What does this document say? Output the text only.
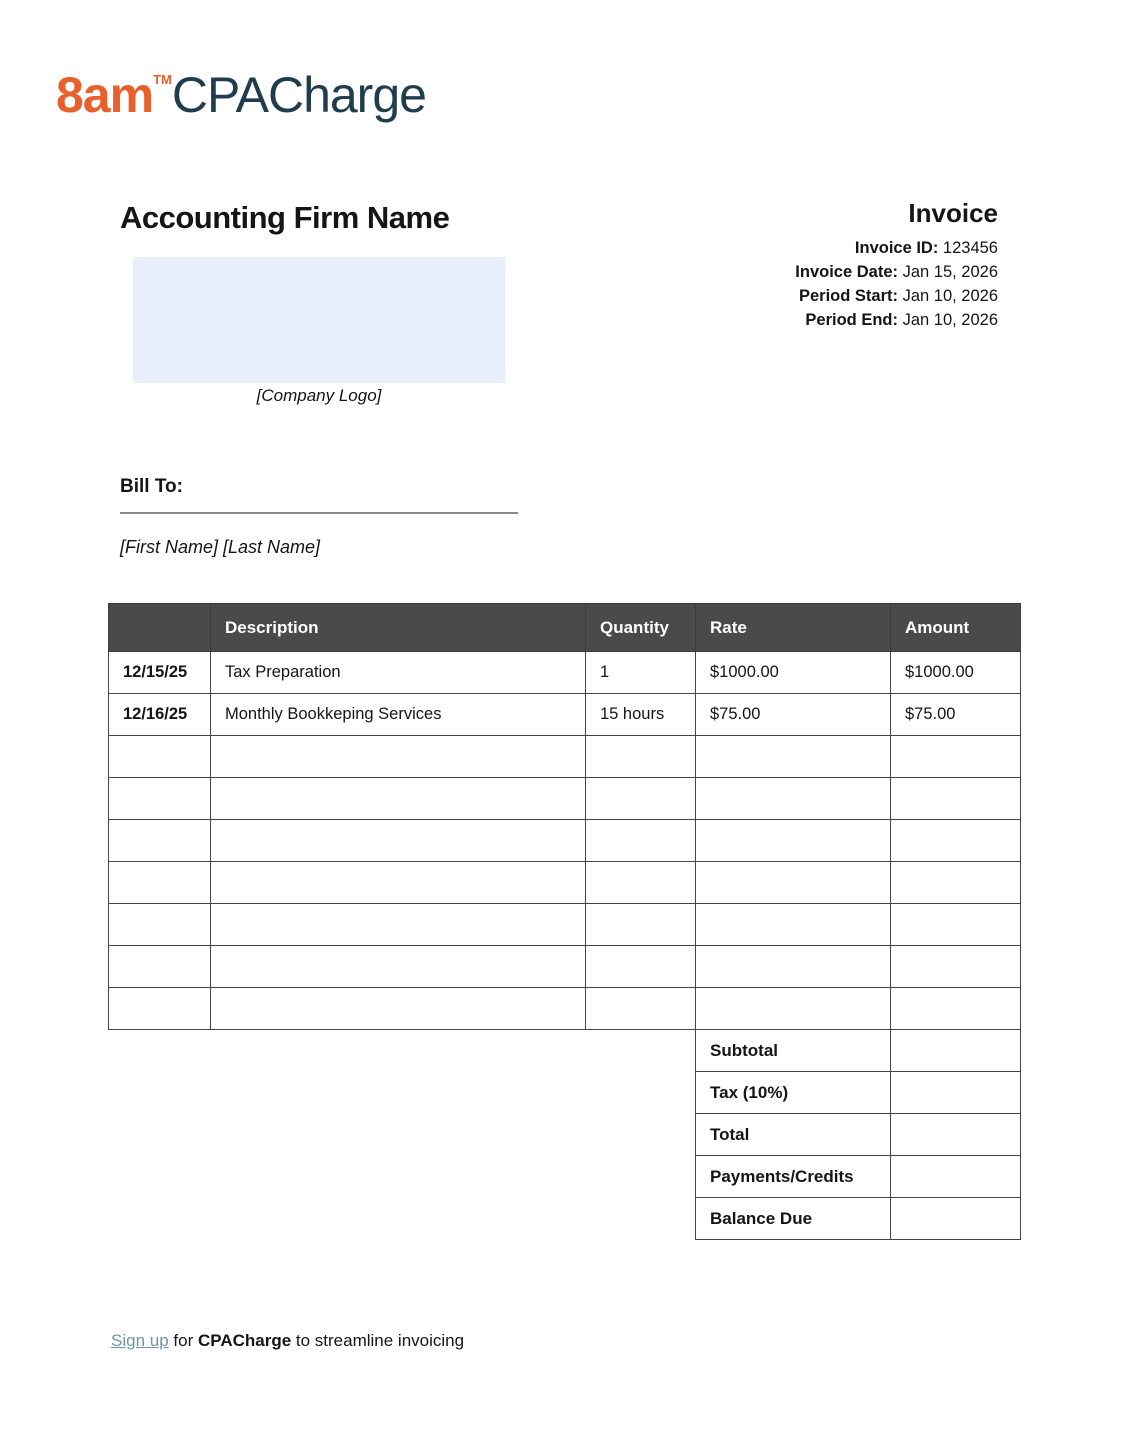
8am™CPACharge
Accounting Firm Name	Invoice
Invoice ID: 123456
Invoice Date: Jan 15, 2026
Period Start: Jan 10, 2026
Period End: Jan 10, 2026
[Company Logo]
Bill To:
[First Name] [Last Name]
	Description	Quantity	Rate	Amount
12/15/25	Tax Preparation	1	$1000.00	$1000.00
12/16/25	Monthly Bookkeping Services	15 hours	$75.00	$75.00

Subtotal	
Tax (10%)	
Total	
Payments/Credits	
Balance Due	
Sign up for CPACharge to streamline invoicing
